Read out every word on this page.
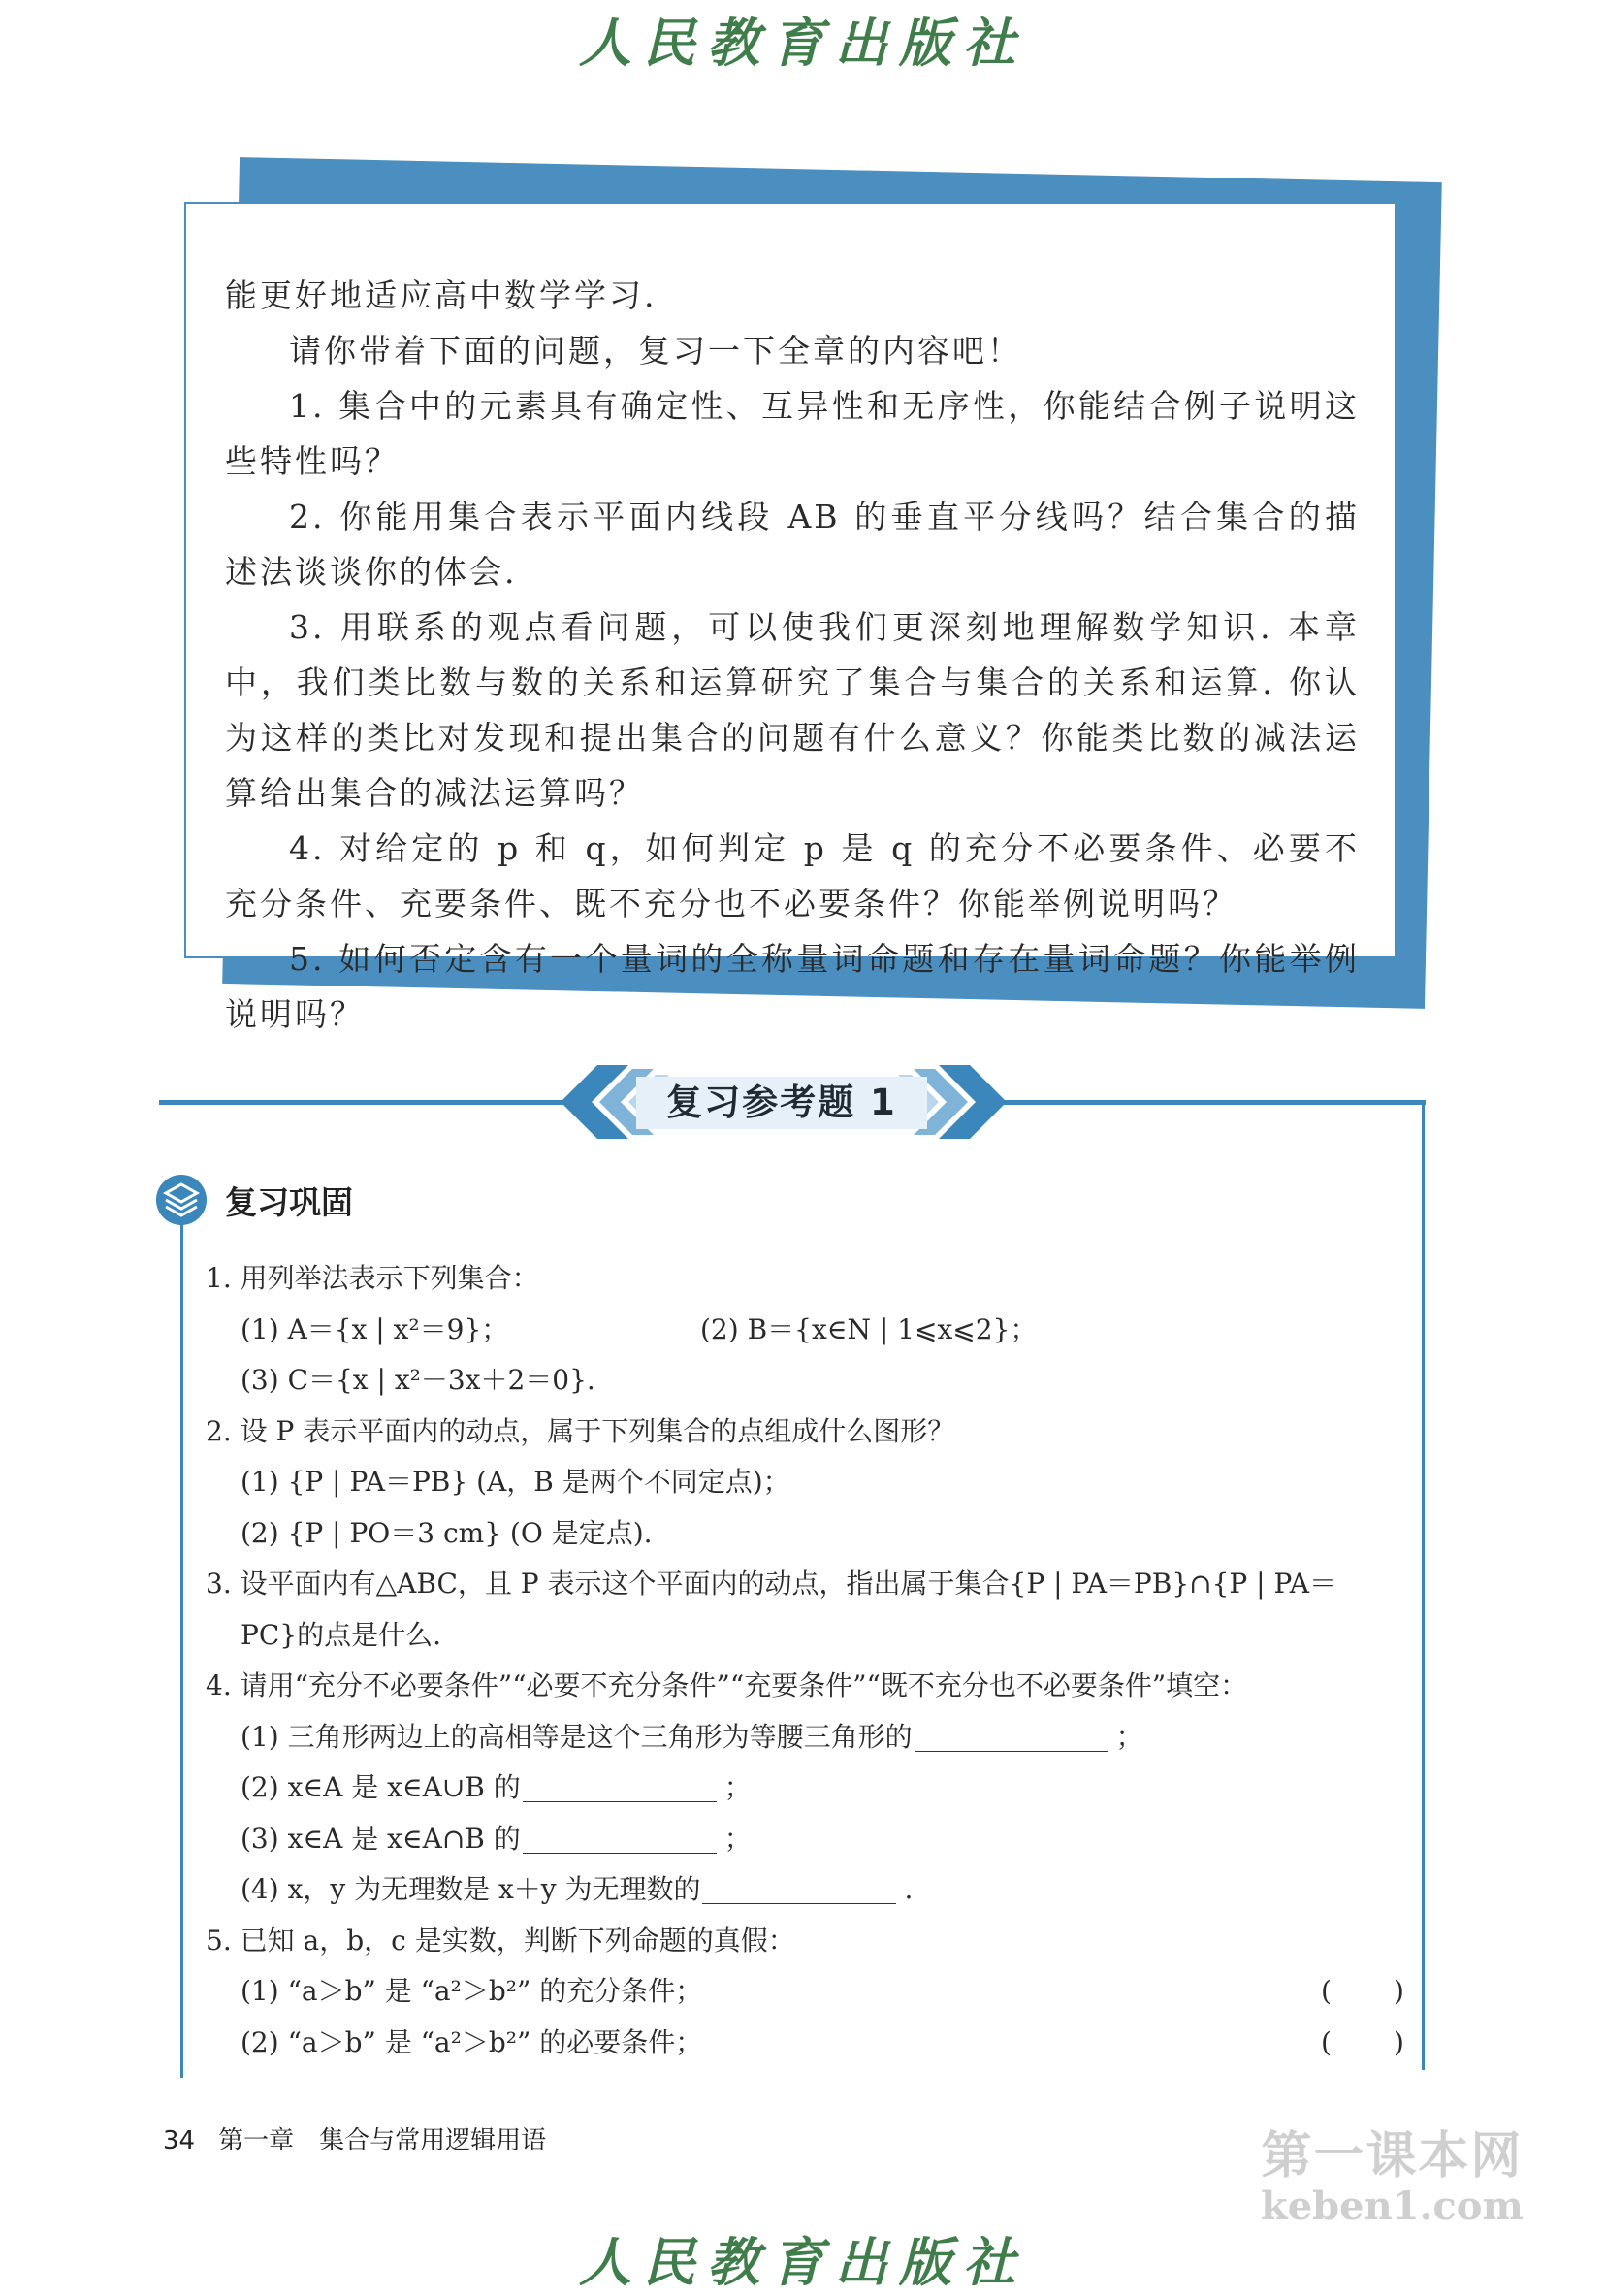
人民教育出版社

能更好地适应高中数学学习.

请你带着下面的问题，复习一下全章的内容吧！

1. 集合中的元素具有确定性、互异性和无序性，你能结合例子说明这些特性吗？

2. 你能用集合表示平面内线段 AB 的垂直平分线吗？结合集合的描述法谈谈你的体会.

3. 用联系的观点看问题，可以使我们更深刻地理解数学知识. 本章中，我们类比数与数的关系和运算研究了集合与集合的关系和运算. 你认为这样的类比对发现和提出集合的问题有什么意义？你能类比数的减法运算给出集合的减法运算吗？

4. 对给定的 p 和 q，如何判定 p 是 q 的充分不必要条件、必要不充分条件、充要条件、既不充分也不必要条件？你能举例说明吗？

5. 如何否定含有一个量词的全称量词命题和存在量词命题？你能举例说明吗？

复习参考题 1
复习巩固
1. 用列举法表示下列集合：
(1) A＝{x | x²＝9}；	(2) B＝{x∈N | 1⩽x⩽2}；
(3) C＝{x | x²－3x＋2＝0}.
2. 设 P 表示平面内的动点，属于下列集合的点组成什么图形？
(1) {P | PA＝PB} (A，B 是两个不同定点)；
(2) {P | PO＝3 cm} (O 是定点).
3. 设平面内有△ABC，且 P 表示这个平面内的动点，指出属于集合{P | PA＝PB}∩{P | PA＝
PC}的点是什么.
4. 请用“充分不必要条件”“必要不充分条件”“充要条件”“既不充分也不必要条件”填空：
(1) 三角形两边上的高相等是这个三角形为等腰三角形的	；
(2) x∈A 是 x∈A∪B 的	；
(3) x∈A 是 x∈A∩B 的	；
(4) x，y 为无理数是 x＋y 为无理数的	.
5. 已知 a，b，c 是实数，判断下列命题的真假：
(1) “a＞b” 是 “a²＞b²” 的充分条件；	( )
(2) “a＞b” 是 “a²＞b²” 的必要条件；	( )
34 第一章 集合与常用逻辑用语	第一课本网
keben1.com
人民教育出版社
